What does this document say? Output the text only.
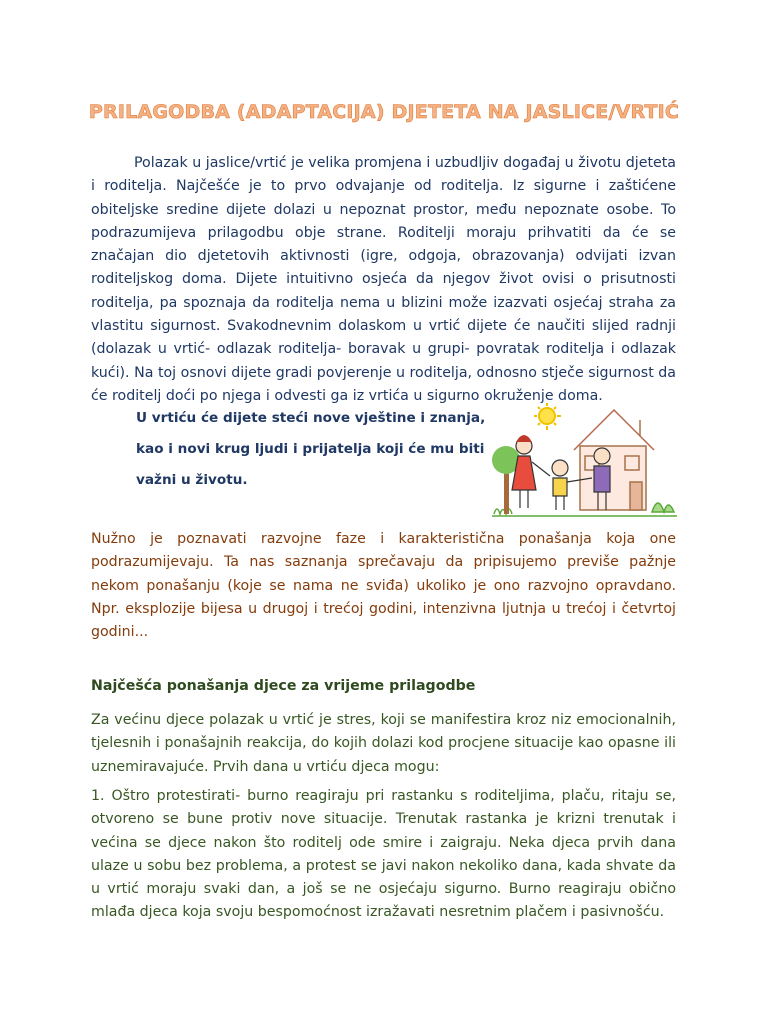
PRILAGODBA (ADAPTACIJA) DJETETA NA JASLICE/VRTIĆ

Polazak u jaslice/vrtić je velika promjena i uzbudljiv događaj u životu djeteta i roditelja. Najčešće je to prvo odvajanje od roditelja. Iz sigurne i zaštićene obiteljske sredine dijete dolazi u nepoznat prostor, među nepoznate osobe. To podrazumijeva prilagodbu obje strane. Roditelji moraju prihvatiti da će se značajan dio djetetovih aktivnosti (igre, odgoja, obrazovanja) odvijati izvan roditeljskog doma. Dijete intuitivno osjeća da njegov život ovisi o prisutnosti roditelja, pa spoznaja da roditelja nema u blizini može izazvati osjećaj straha za vlastitu sigurnost. Svakodnevnim dolaskom u vrtić dijete će naučiti slijed radnji (dolazak u vrtić- odlazak roditelja- boravak u grupi- povratak roditelja i odlazak kući). Na toj osnovi dijete gradi povjerenje u roditelja, odnosno stječe sigurnost da će roditelj doći po njega i odvesti ga iz vrtića u sigurno okruženje doma.

U vrtiću će dijete steći nove vještine i znanja, kao i novi krug ljudi i prijatelja koji će mu biti važni u životu.

Nužno je poznavati razvojne faze i karakteristična ponašanja koja one podrazumijevaju. Ta nas saznanja sprečavaju da pripisujemo previše pažnje nekom ponašanju (koje se nama ne sviđa) ukoliko je ono razvojno opravdano. Npr. eksplozije bijesa u drugoj i trećoj godini, intenzivna ljutnja u trećoj i četvrtoj godini...

Najčešća ponašanja djece za vrijeme prilagodbe

Za većinu djece polazak u vrtić je stres, koji se manifestira kroz niz emocionalnih, tjelesnih i ponašajnih reakcija, do kojih dolazi kod procjene situacije kao opasne ili uznemiravajuće. Prvih dana u vrtiću djeca mogu:

1. Oštro protestirati- burno reagiraju pri rastanku s roditeljima, plaču, ritaju se, otvoreno se bune protiv nove situacije. Trenutak rastanka je krizni trenutak i većina se djece nakon što roditelj ode smire i zaigraju. Neka djeca prvih dana ulaze u sobu bez problema, a protest se javi nakon nekoliko dana, kada shvate da u vrtić moraju svaki dan, a još se ne osjećaju sigurno. Burno reagiraju obično mlađa djeca koja svoju bespomoćnost izražavati nesretnim plačem i pasivnošću.
